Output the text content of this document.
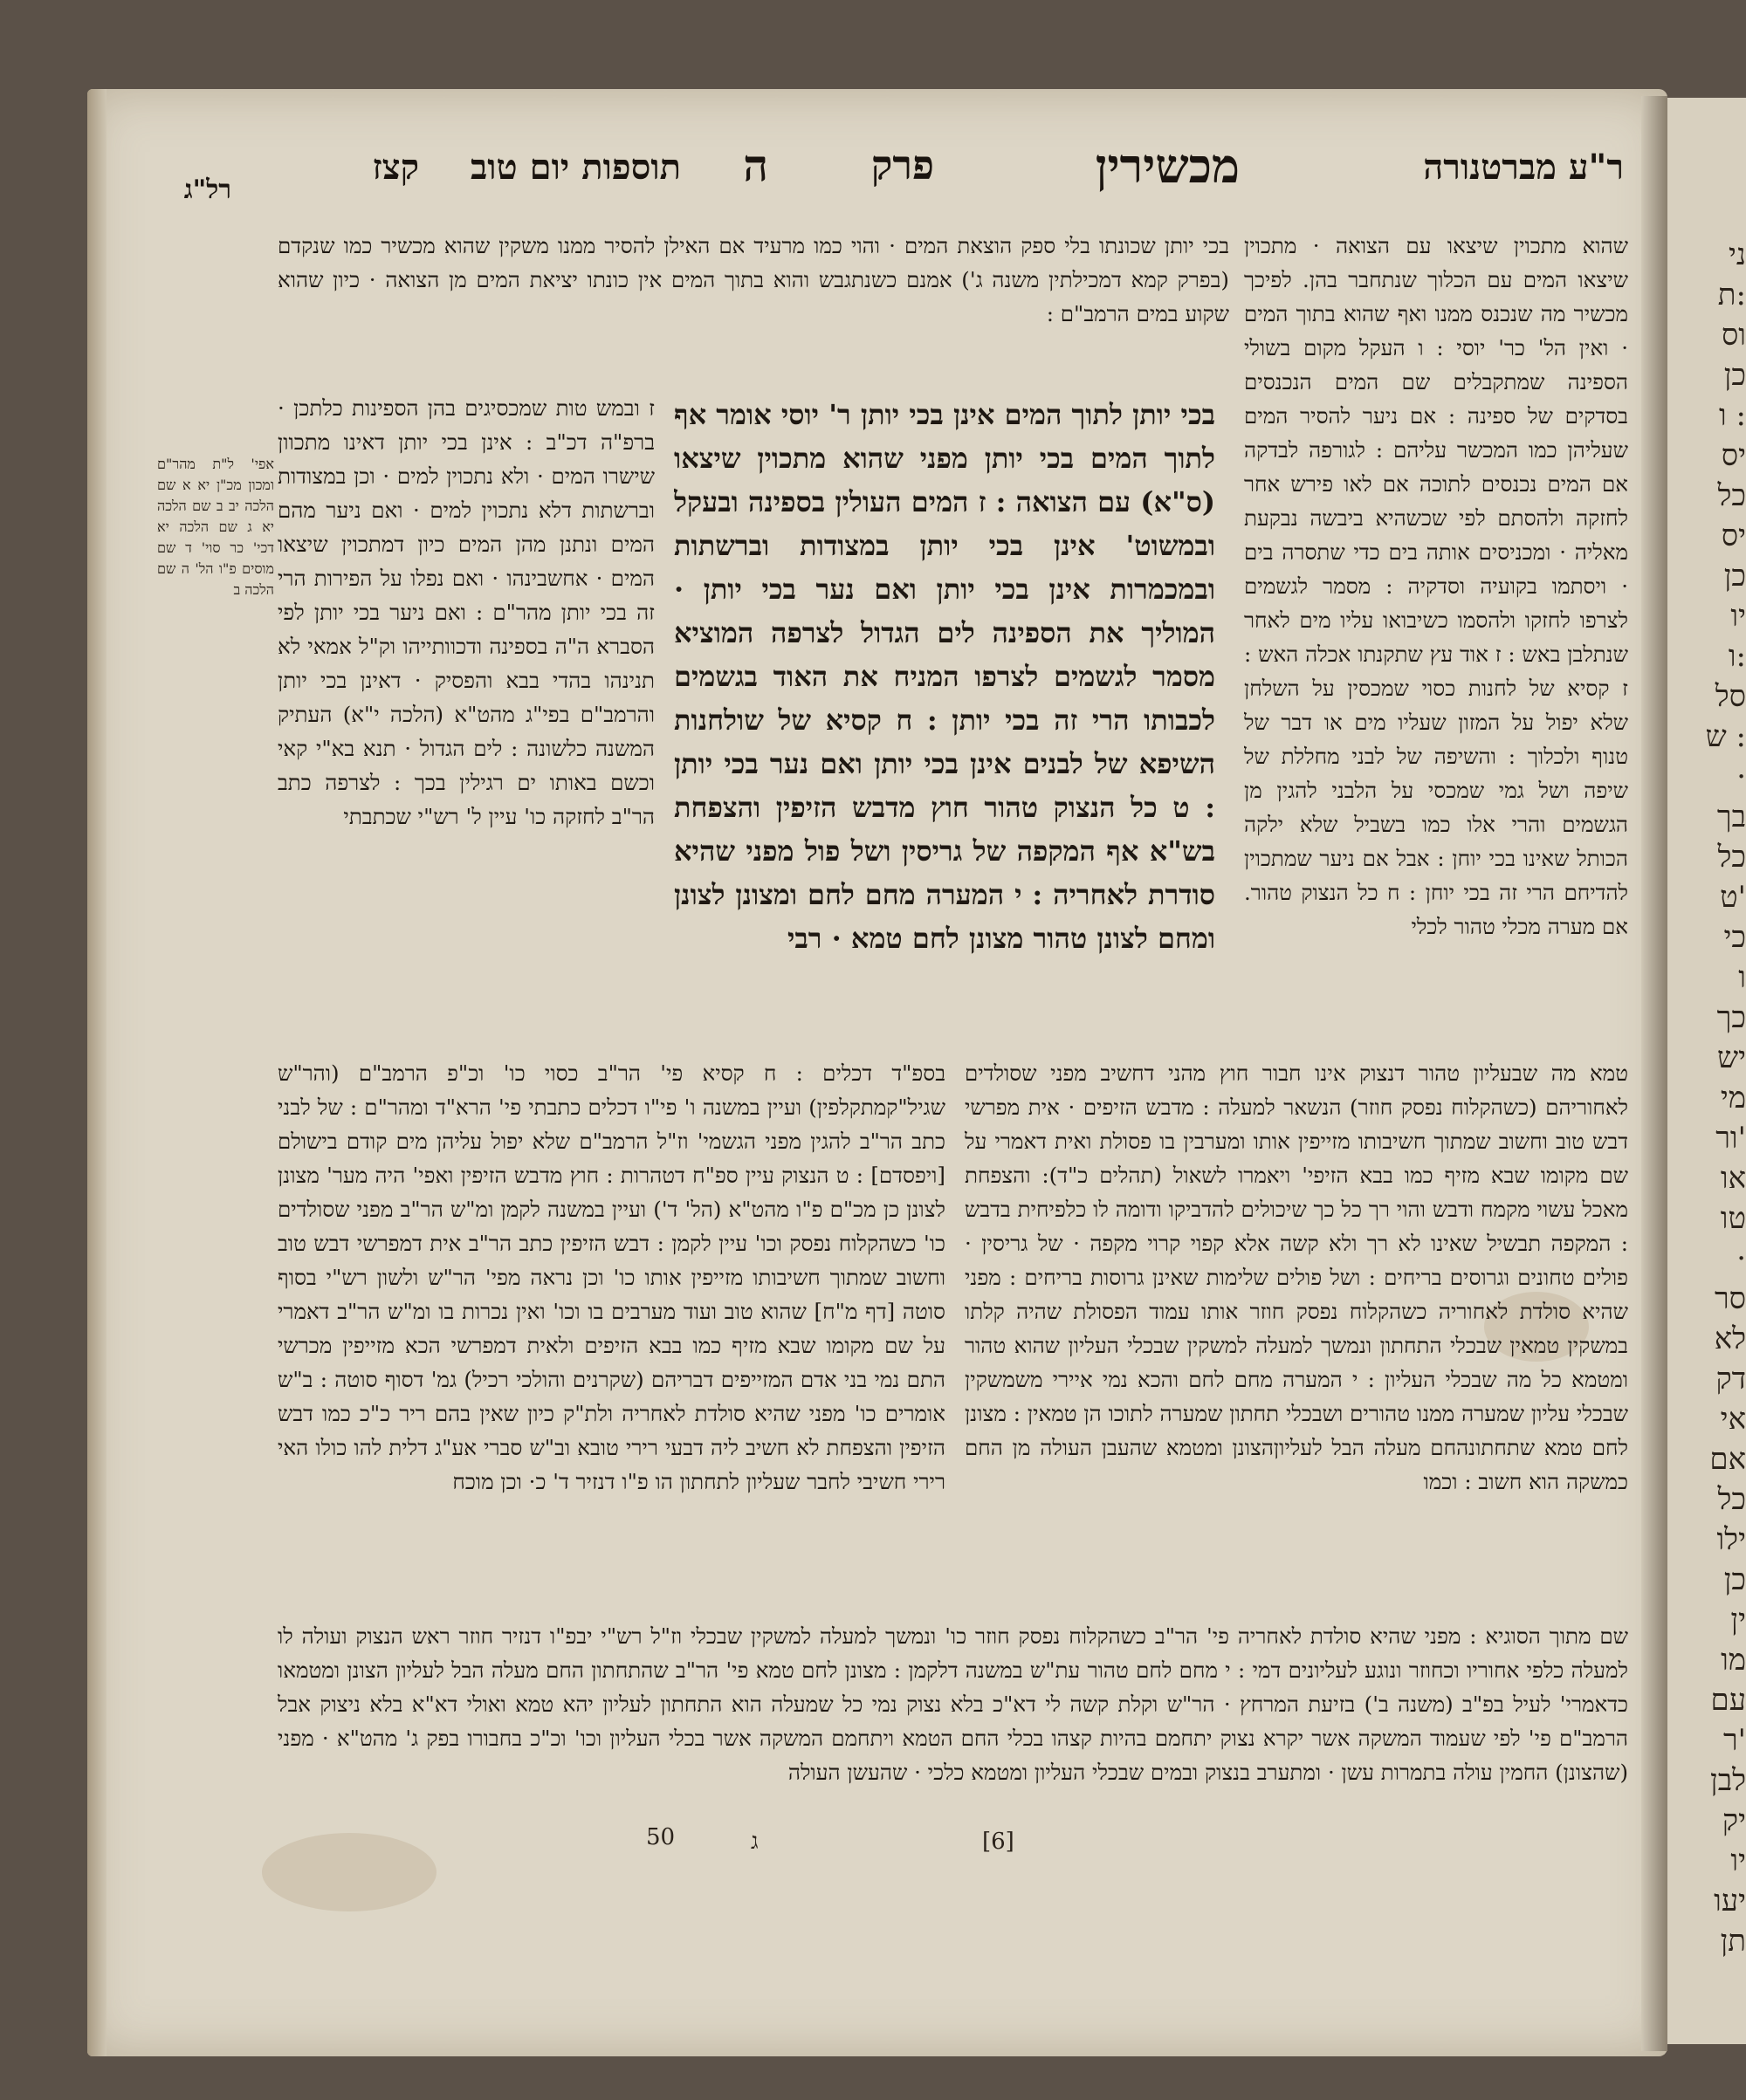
ני
ת:
וס
כן
ו :
יס
כל
יס
כן
יו
ו:
סל
ש :
·
בך
כל
ט'
כי
ו
כך
יש
מי
ור'
או
טו
·
סר
לא
דק
אי
אם
כל
ילו
כן
ין
מו
עם
ר'
לבן
יק
יו
יעו
תן
ר"ע מברטנורה
מכשירין
פרק
ה
תוספות יום טוב
קצז
רל"ג

שהוא מתכוין שיצאו עם הצואה · מתכוין שיצאו המים עם הכלוך שנתחבר בהן. לפיכך מכשיר מה שנכנס ממנו ואף שהוא בתוך המים · ואין הל' כר' יוסי : ו העקל מקום בשולי הספינה שמתקבלים שם המים הנכנסים בסדקים של ספינה : אם ניער להסיר המים שעליהן כמו המכשר עליהם : לגורפה לבדקה אם המים נכנסים לתוכה אם לאו פירש אחר לחזקה ולהסתם לפי שכשהיא ביבשה נבקעת מאליה · ומכניסים אותה בים כדי שתסרה בים · ויסתמו בקועיה וסדקיה : מסמר לגשמים לצרפו לחזקו ולהסמו כשיבואו עליו מים לאחר שנתלבן באש : ז אוד עץ שתקנתו אכלה האש : ז קסיא של לחנות כסוי שמכסין על השלחן שלא יפול על המזון שעליו מים או דבר של טנוף ולכלוך : והשיפה של לבני מחללת של שיפה ושל גמי שמכסי על הלבני להגין מן הגשמים והרי אלו כמו בשביל שלא ילקה הכותל שאינו בכי יוחן : אבל אם ניער שמתכוין להדיחם הרי זה בכי יוחן : ח כל הנצוק טהור. אם מערה מכלי טהור לכלי

בכי יותן לתוך המים אינן בכי יותן ר' יוסי אומר אף לתוך המים בכי יותן מפני שהוא מתכוין שיצאו (ס"א) עם הצואה : ז המים העולין בספינה ובעקל ובמשוט' אינן בכי יותן במצודות וברשתות ובמכמרות אינן בכי יותן ואם נער בכי יותן · המוליך את הספינה לים הגדול לצרפה המוציא מסמר לגשמים לצרפו המניח את האוד בגשמים לכבותו הרי זה בכי יותן : ח קסיא של שולחנות השיפא של לבנים אינן בכי יותן ואם נער בכי יותן : ט כל הנצוק טהור חוץ מדבש הזיפין והצפחת בש"א אף המקפה של גריסין ושל פול מפני שהיא סודרת לאחריה : י המערה מחם לחם ומצונן לצונן ומחם לצונן טהור מצונן לחם טמא · רבי

בכי יותן שכונתו בלי ספק הוצאת המים · והוי כמו מרעיד אם האילן להסיר ממנו משקין שהוא מכשיר כמו שנקדם (בפרק קמא דמכילתין משנה ג') אמנם כשנתגבש והוא בתוך המים אין כונתו יציאת המים מן הצואה · כיון שהוא שקוע במים הרמב"ם :

ז ובמש טות שמכסיגים בהן הספינות כלתכן · ברפ"ה דכ"ב : אינן בכי יותן דאינו מתכוון שישרו המים · ולא נתכוין למים · וכן במצודות וברשתות דלא נתכוין למים · ואם ניער מהם המים ונתנן מהן המים כיון דמתכוין שיצאו המים · אחשבינהו · ואם נפלו על הפירות הרי זה בכי יותן מהר"ם : ואם ניער בכי יותן לפי הסברא ה"ה בספינה ודכוותייהו וק"ל אמאי לא תנינהו בהדי בבא והפסיק · דאינן בכי יותן והרמב"ם בפי"ג מהט"א (הלכה י"א) העתיק המשנה כלשונה : לים הגדול · תנא בא"י קאי וכשם באותו ים רגילין בכך : לצרפה כתב הר"ב לחזקה כו' עיין ל' רש"י שכתבתי

אפי' ל"ת מהר"ם ומכון מכ"ן יא א שם הלכה יב ב שם הלכה יא ג שם הלכה יא דכי' כר סוי' ד שם מוסים פ"ו הל' ה שם הלכה ב

בספ"ד דכלים : ח קסיא פי' הר"ב כסוי כו' וכ"פ הרמב"ם (והר"ש שגיל"קמתקלפין) ועיין במשנה ו' פי"ו דכלים כתבתי פי' הרא"ד ומהר"ם : של לבני כתב הר"ב להגין מפני הגשמי' וז"ל הרמב"ם שלא יפול עליהן מים קודם בישולם [ויפסדם] : ט הנצוק עיין ספ"ח דטהרות : חוץ מדבש הזיפין ואפי' היה מער' מצונן לצונן כן מכ"ם פ"ו מהט"א (הל' ד') ועיין במשנה לקמן ומ"ש הר"ב מפני שסולדים כו' כשהקלוח נפסק וכו' עיין לקמן : דבש הזיפין כתב הר"ב אית דמפרשי דבש טוב וחשוב שמתוך חשיבותו מזייפין אותו כו' וכן נראה מפי' הר"ש ולשון רש"י בסוף סוטה [דף מ"ח] שהוא טוב ועוד מערבים בו וכו' ואין נכרות בו ומ"ש הר"ב דאמרי על שם מקומו שבא מזיף כמו בבא הזיפים ולאית דמפרשי הכא מזייפין מכרשי התם נמי בני אדם המזייפים דבריהם (שקרנים והולכי רכיל) גמ' דסוף סוטה : ב"ש אומרים כו' מפני שהיא סולדת לאחריה ולת"ק כיון שאין בהם ריר כ"כ כמו דבש הזיפין והצפחת לא חשיב ליה דבעי רירי טובא וב"ש סברי אע"ג דלית להו כולו האי רירי חשיבי לחבר שעליון לתחתון הו פ"ו דנזיר ד' כ· וכן מוכח

טמא מה שבעליון טהור דנצוק אינו חבור חוץ מהני דחשיב מפני שסולדים לאחוריהם (כשהקלוח נפסק חוזר) הנשאר למעלה : מדבש הזיפים · אית מפרשי דבש טוב וחשוב שמתוך חשיבותו מזייפין אותו ומערבין בו פסולת ואית דאמרי על שם מקומו שבא מזיף כמו בבא הזיפי' ויאמרו לשאול (תהלים כ"ד): והצפחת מאכל עשוי מקמח ודבש והוי רך כל כך שיכולים להדביקו ודומה לו כלפיחית בדבש : המקפה תבשיל שאינו לא רך ולא קשה אלא קפוי קרוי מקפה · של גריסין · פולים טחונים וגרוסים בריחים : ושל פולים שלימות שאינן גרוסות בריחים : מפני שהיא סולדת לאחוריה כשהקלוח נפסק חוזר אותו עמוד הפסולת שהיה קלתו במשקין טמאין שבכלי התחתון ונמשך למעלה למשקין שבכלי העליון שהוא טהור ומטמא כל מה שבכלי העליון : י המערה מחם לחם והכא נמי איירי משמשקין שבכלי עליון שמערה ממנו טהורים ושבכלי תחתון שמערה לתוכו הן טמאין : מצונן לחם טמא שתחתונהחם מעלה הבל לעליוןהצונן ומטמא שהעבן העולה מן החם כמשקה הוא חשוב : וכמו

שם מתוך הסוגיא : מפני שהיא סולדת לאחריה פי' הר"ב כשהקלוח נפסק חוזר כו' ונמשך למעלה למשקין שבכלי וז"ל רש"י יבפ"ו דנזיר חוזר ראש הנצוק ועולה לו למעלה כלפי אחוריו וכחוזר ונוגע לעליונים דמי : י מחם לחם טהור עת"ש במשנה דלקמן : מצונן לחם טמא פי' הר"ב שהתחתון החם מעלה הבל לעליון הצונן ומטמאו כדאמרי' לעיל בפ"ב (משנה ב') בזיעת המרחץ · הר"ש וקלת קשה לי דא"כ בלא נצוק נמי כל שמעלה הוא התחתון לעליון יהא טמא ואולי דא"א בלא ניצוק אבל הרמב"ם פי' לפי שעמוד המשקה אשר יקרא נצוק יתחמם בהיות קצהו בכלי החם הטמא ויתחמם המשקה אשר בכלי העליון וכו' וכ"כ בחבורו בפק ג' מהט"א · מפני (שהצונן) החמין עולה בתמרות עשן · ומתערב בנצוק ובמים שבכלי העליון ומטמא כלכי · שהעשן העולה

50	ג	[6]
